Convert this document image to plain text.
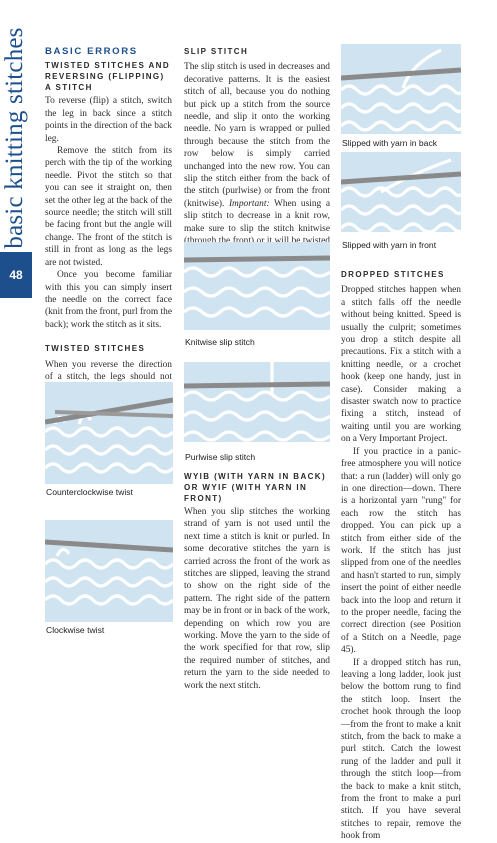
basic knitting stitches
48
BASIC ERRORS
TWISTED STITCHES AND REVERSING (FLIPPING) A STITCH

To reverse (flip) a stitch, switch the leg in back since a stitch points in the direction of the back leg.

Remove the stitch from its perch with the tip of the working needle. Pivot the stitch so that you can see it straight on, then set the other leg at the back of the source needle; the stitch will still be facing front but the angle will change. The front of the stitch is still in front as long as the legs are not twisted.

Once you become familiar with this you can simply insert the needle on the correct face (knit from the front, purl from the back); work the stitch as it sits.

TWISTED STITCHES

When you reverse the direction of a stitch, the legs should not

Counterclockwise twist
Clockwise twist
SLIP STITCH

The slip stitch is used in decreases and decorative patterns. It is the easiest stitch of all, because you do nothing but pick up a stitch from the source needle, and slip it onto the working needle. No yarn is wrapped or pulled through because the stitch from the row below is simply carried unchanged into the new row. You can slip the stitch either from the back of the stitch (purlwise) or from the front (knitwise). Important: When using a slip stitch to decrease in a knit row, make sure to slip the stitch knitwise

Knitwise slip stitch
Purlwise slip stitch
WYIB (WITH YARN IN BACK) OR WYIF (WITH YARN IN FRONT)

When you slip stitches the working strand of yarn is not used until the next time a stitch is knit or purled. In some decorative stitches the yarn is carried across the front of the work as stitches are slipped, leaving the strand to show on the right side of the pattern. The right side of the pattern may be in front or in back of the work, depending on which row you are working. Move the yarn to the side of the work specified for that row, slip the required number of stitches, and return the yarn to the side needed to work the next stitch.

Slipped with yarn in back
Slipped with yarn in front
DROPPED STITCHES

Dropped stitches happen when a stitch falls off the needle without being knitted. Speed is usually the culprit; sometimes you drop a stitch despite all precautions. Fix a stitch with a knitting needle, or a crochet hook (keep one handy, just in case). Consider making a disaster swatch now to practice fixing a stitch, instead of waiting until you are working on a Very Important Project.

If you practice in a panic-free atmosphere you will notice that: a run (ladder) will only go in one direction—down. There is a horizontal yarn "rung" for each row the stitch has dropped. You can pick up a stitch from either side of the work. If the stitch has just slipped from one of the needles and hasn't started to run, simply insert the point of either needle back into the loop and return it to the proper needle, facing the correct direction (see Position of a Stitch on a Needle, page 45).

If a dropped stitch has run, leaving a long ladder, look just below the bottom rung to find the stitch loop. Insert the crochet hook through the loop—from the front to make a knit stitch, from the back to make a purl stitch. Catch the lowest rung of the ladder and pull it through the stitch loop—from the back to make a knit stitch, from the front to make a purl stitch. If you have several stitches to repair, remove the hook from
